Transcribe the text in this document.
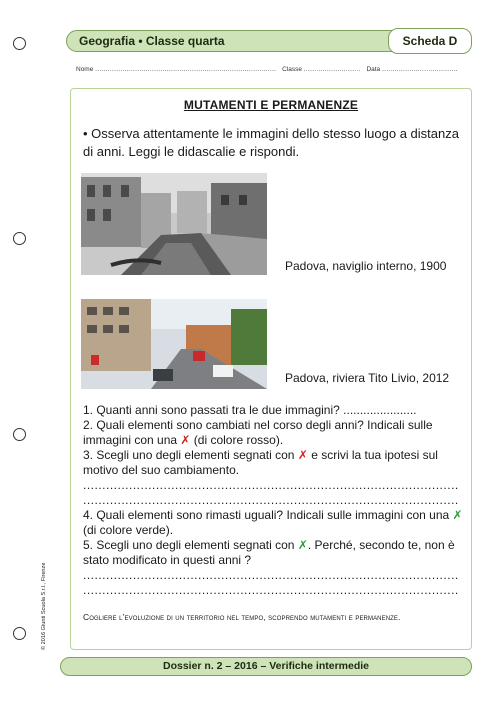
Geografia • Classe quarta	Scheda D
Nome ...................................................................................... Classe ........................... Data ....................................
MUTAMENTI E PERMANENZE
• Osserva attentamente le immagini dello stesso luogo a distanza di anni. Leggi le didascalie e rispondi.
Padova, naviglio interno, 1900
Padova, riviera Tito Livio, 2012

1. Quanti anni sono passati tra le due immagini? ......................

2. Quali elementi sono cambiati nel corso degli anni? Indicali sulle immagini con una ✗ (di colore rosso).

3. Scegli uno degli elementi segnati con ✗ e scrivi la tua ipotesi sul motivo del suo cambiamento.

..................................................................................................

..................................................................................................

4. Quali elementi sono rimasti uguali? Indicali sulle immagini con una ✗ (di colore verde).

5. Scegli uno degli elementi segnati con ✗. Perché, secondo te, non è stato modificato in questi anni ?

..................................................................................................

..................................................................................................

Cogliere l’evoluzione di un territorio nel tempo, scoprendo mutamenti e permanenze.
© 2016 Giunti Scuola S.r.l., Firenze
Dossier n. 2 – 2016 – Verifiche intermedie
